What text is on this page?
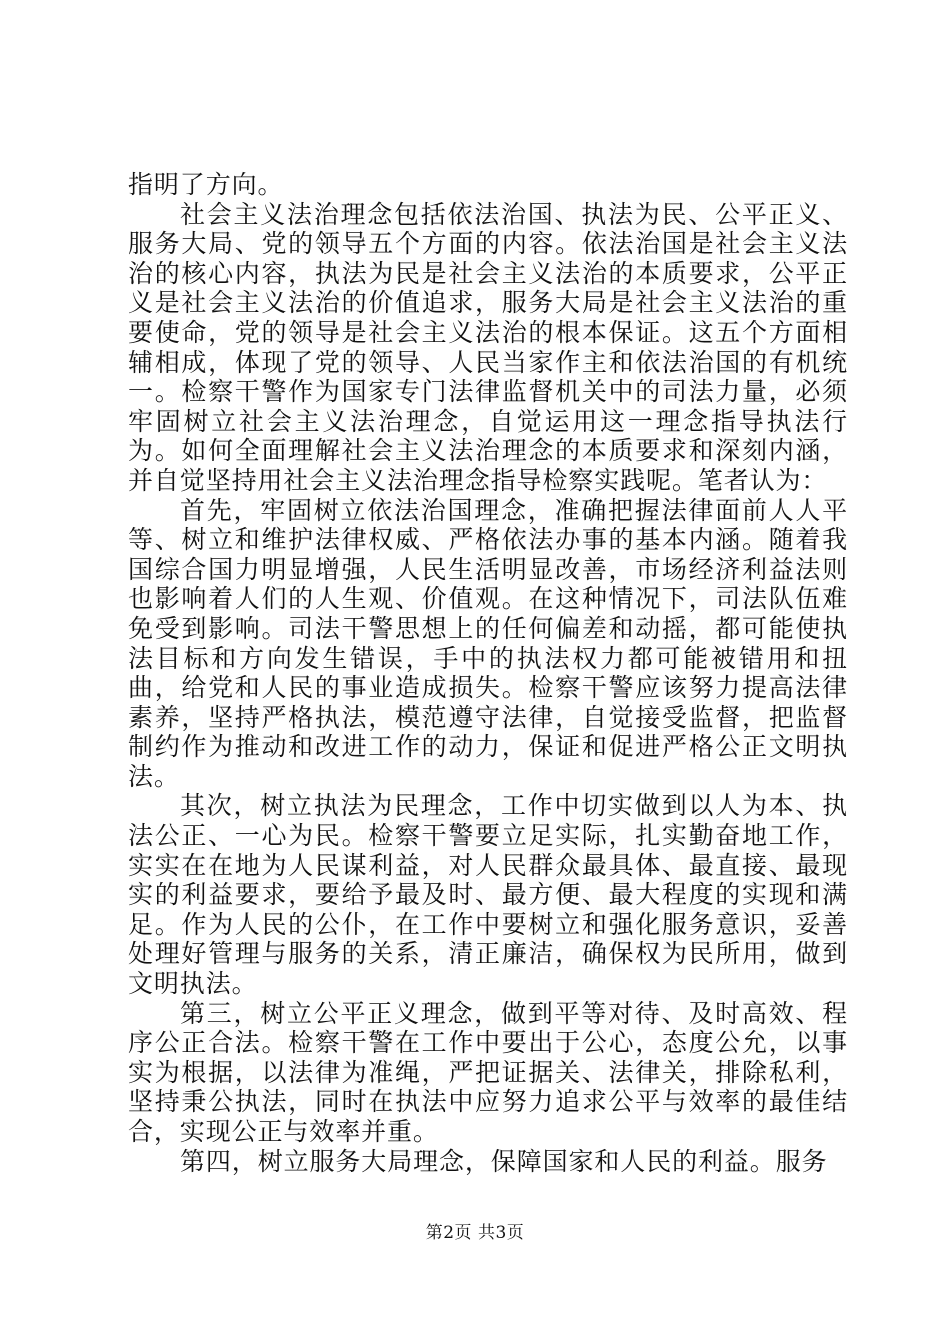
指明了方向。

社会主义法治理念包括依法治国、执法为民、公平正义、服务大局、党的领导五个方面的内容。依法治国是社会主义法治的核心内容，执法为民是社会主义法治的本质要求，公平正义是社会主义法治的价值追求，服务大局是社会主义法治的重要使命，党的领导是社会主义法治的根本保证。这五个方面相辅相成，体现了党的领导、人民当家作主和依法治国的有机统一。检察干警作为国家专门法律监督机关中的司法力量，必须牢固树立社会主义法治理念，自觉运用这一理念指导执法行为。如何全面理解社会主义法治理念的本质要求和深刻内涵，并自觉坚持用社会主义法治理念指导检察实践呢。笔者认为：

首先，牢固树立依法治国理念，准确把握法律面前人人平等、树立和维护法律权威、严格依法办事的基本内涵。随着我国综合国力明显增强，人民生活明显改善，市场经济利益法则也影响着人们的人生观、价值观。在这种情况下，司法队伍难免受到影响。司法干警思想上的任何偏差和动摇，都可能使执法目标和方向发生错误，手中的执法权力都可能被错用和扭曲，给党和人民的事业造成损失。检察干警应该努力提高法律素养，坚持严格执法，模范遵守法律，自觉接受监督，把监督制约作为推动和改进工作的动力，保证和促进严格公正文明执法。

其次，树立执法为民理念，工作中切实做到以人为本、执法公正、一心为民。检察干警要立足实际，扎实勤奋地工作，实实在在地为人民谋利益，对人民群众最具体、最直接、最现实的利益要求，要给予最及时、最方便、最大程度的实现和满足。作为人民的公仆，在工作中要树立和强化服务意识，妥善处理好管理与服务的关系，清正廉洁，确保权为民所用，做到文明执法。

第三，树立公平正义理念，做到平等对待、及时高效、程序公正合法。检察干警在工作中要出于公心，态度公允，以事实为根据，以法律为准绳，严把证据关、法律关，排除私利，坚持秉公执法，同时在执法中应努力追求公平与效率的最佳结合，实现公正与效率并重。

第四，树立服务大局理念，保障国家和人民的利益。服务

第2页 共3页
